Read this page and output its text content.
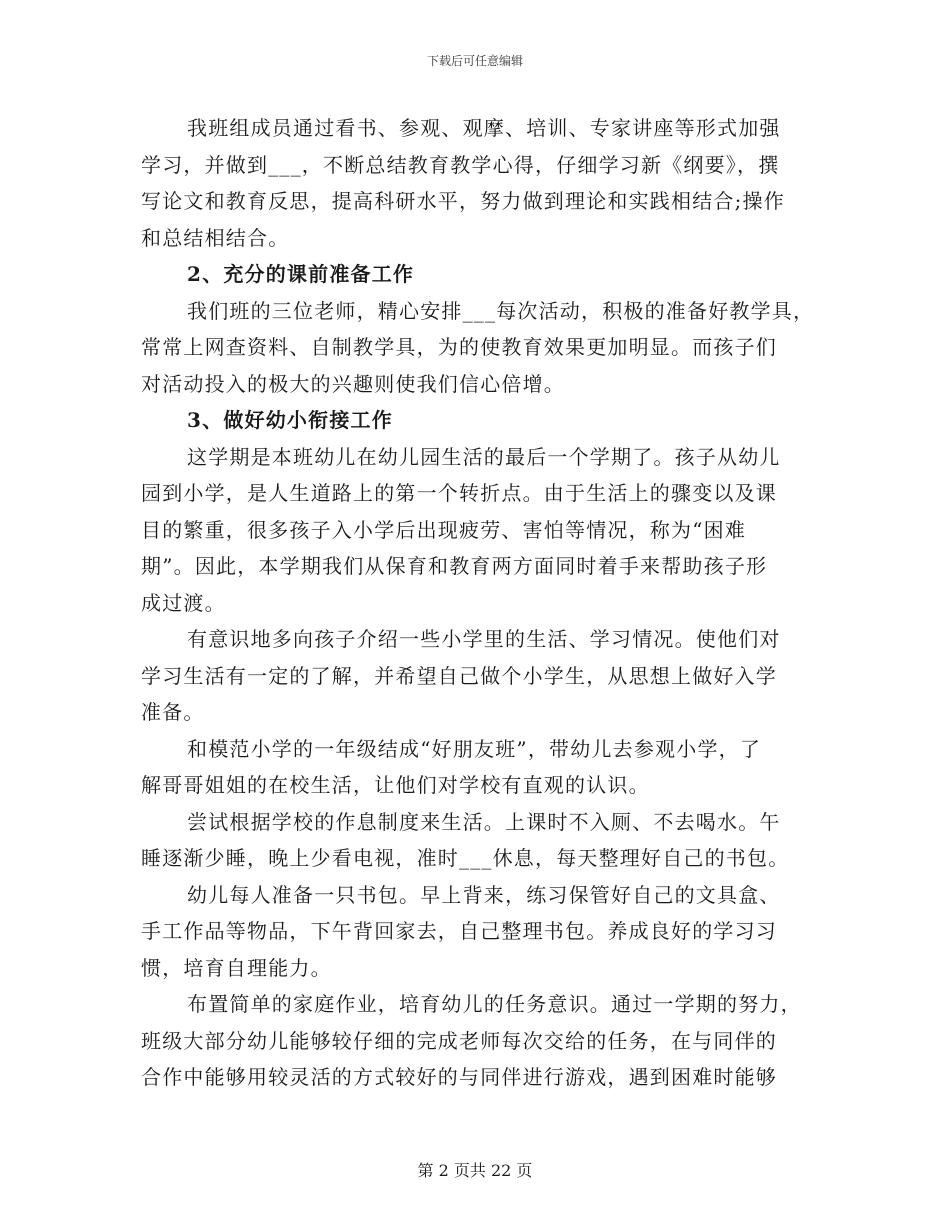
下载后可任意编辑

我班组成员通过看书、参观、观摩、培训、专家讲座等形式加强
学习，并做到___，不断总结教育教学心得，仔细学习新《纲要》，撰
写论文和教育反思，提高科研水平，努力做到理论和实践相结合;操作
和总结相结合。

2、充分的课前准备工作

我们班的三位老师，精心安排___每次活动，积极的准备好教学具，
常常上网查资料、自制教学具，为的使教育效果更加明显。而孩子们
对活动投入的极大的兴趣则使我们信心倍增。

3、做好幼小衔接工作

这学期是本班幼儿在幼儿园生活的最后一个学期了。孩子从幼儿
园到小学，是人生道路上的第一个转折点。由于生活上的骤变以及课
目的繁重，很多孩子入小学后出现疲劳、害怕等情况，称为“困难
期”。因此，本学期我们从保育和教育两方面同时着手来帮助孩子形
成过渡。

有意识地多向孩子介绍一些小学里的生活、学习情况。使他们对
学习生活有一定的了解，并希望自己做个小学生，从思想上做好入学
准备。

和模范小学的一年级结成“好朋友班”，带幼儿去参观小学，了
解哥哥姐姐的在校生活，让他们对学校有直观的认识。

尝试根据学校的作息制度来生活。上课时不入厕、不去喝水。午
睡逐渐少睡，晚上少看电视，准时___休息，每天整理好自己的书包。

幼儿每人准备一只书包。早上背来，练习保管好自己的文具盒、
手工作品等物品，下午背回家去，自己整理书包。养成良好的学习习
惯，培育自理能力。

布置简单的家庭作业，培育幼儿的任务意识。通过一学期的努力，
班级大部分幼儿能够较仔细的完成老师每次交给的任务，在与同伴的
合作中能够用较灵活的方式较好的与同伴进行游戏，遇到困难时能够

第 2 页共 22 页
